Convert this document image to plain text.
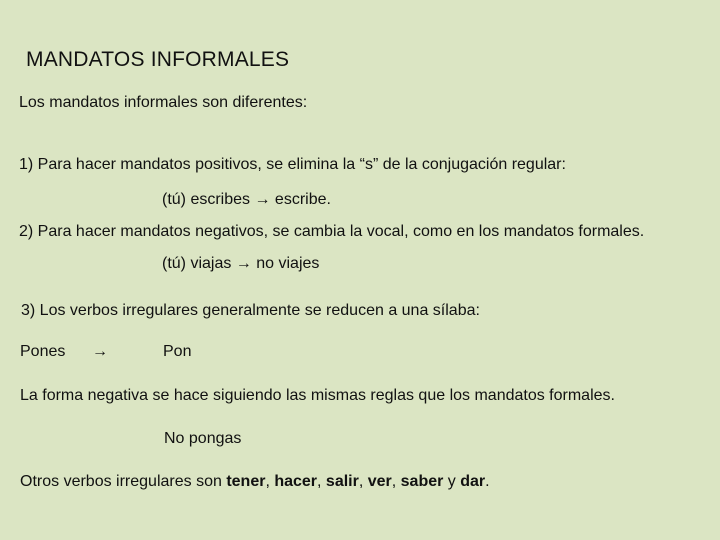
MANDATOS INFORMALES
Los mandatos informales son diferentes:
1) Para hacer mandatos positivos, se elimina la “s” de la conjugación regular:
(tú) escribes → escribe.
2) Para hacer mandatos negativos, se cambia la vocal, como en los mandatos formales.
(tú) viajas → no viajes
3) Los verbos irregulares generalmente se reducen a una sílaba:
Pones →	Pon
La forma negativa se hace siguiendo las mismas reglas que los mandatos formales.
No pongas
Otros verbos irregulares son tener, hacer, salir, ver, saber y dar.
